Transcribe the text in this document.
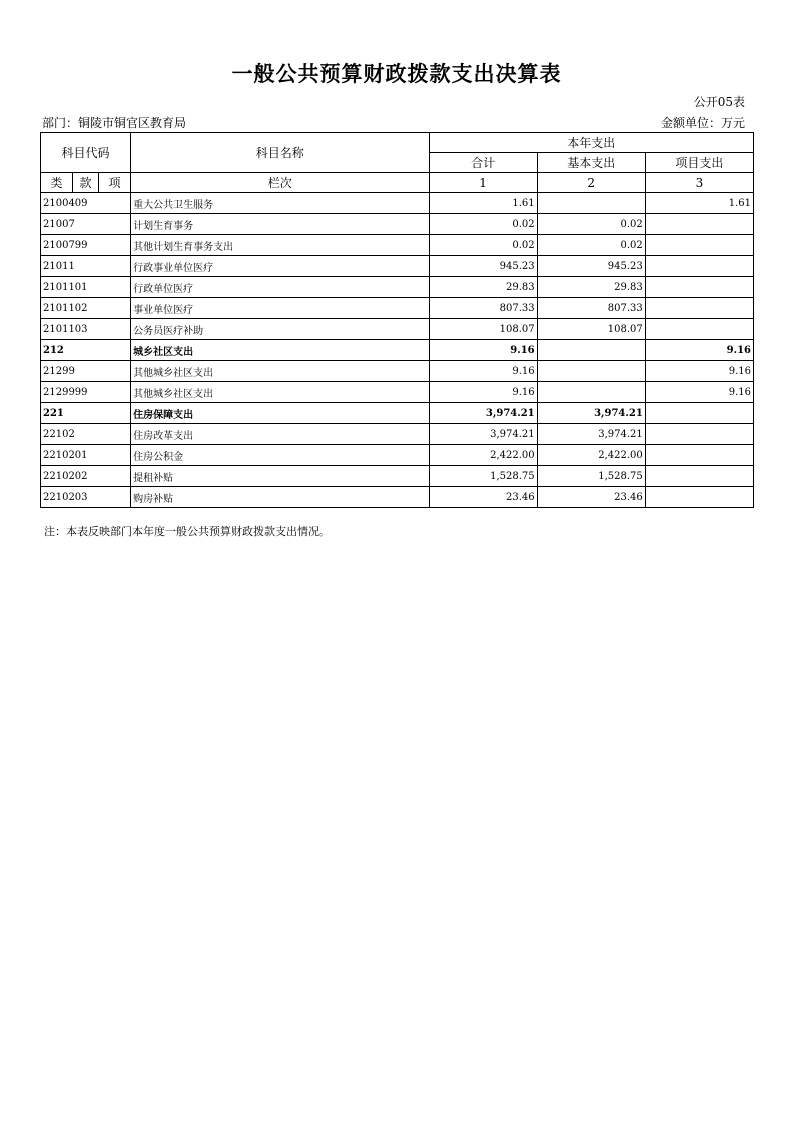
一般公共预算财政拨款支出决算表
公开05表
部门：铜陵市铜官区教育局	金额单位：万元
科目代码			科目名称	本年支出		
				合计	基本支出	项目支出
类	款	项	栏次	1	2	3
2100409			重大公共卫生服务	1.61		1.61
21007			计划生育事务	0.02	0.02	
2100799			其他计划生育事务支出	0.02	0.02	
21011			行政事业单位医疗	945.23	945.23	
2101101			行政单位医疗	29.83	29.83	
2101102			事业单位医疗	807.33	807.33	
2101103			公务员医疗补助	108.07	108.07	
212			城乡社区支出	9.16		9.16
21299			其他城乡社区支出	9.16		9.16
2129999			其他城乡社区支出	9.16		9.16
221			住房保障支出	3,974.21	3,974.21	
22102			住房改革支出	3,974.21	3,974.21	
2210201			住房公积金	2,422.00	2,422.00	
2210202			提租补贴	1,528.75	1,528.75	
2210203			购房补贴	23.46	23.46	
注：本表反映部门本年度一般公共预算财政拨款支出情况。
